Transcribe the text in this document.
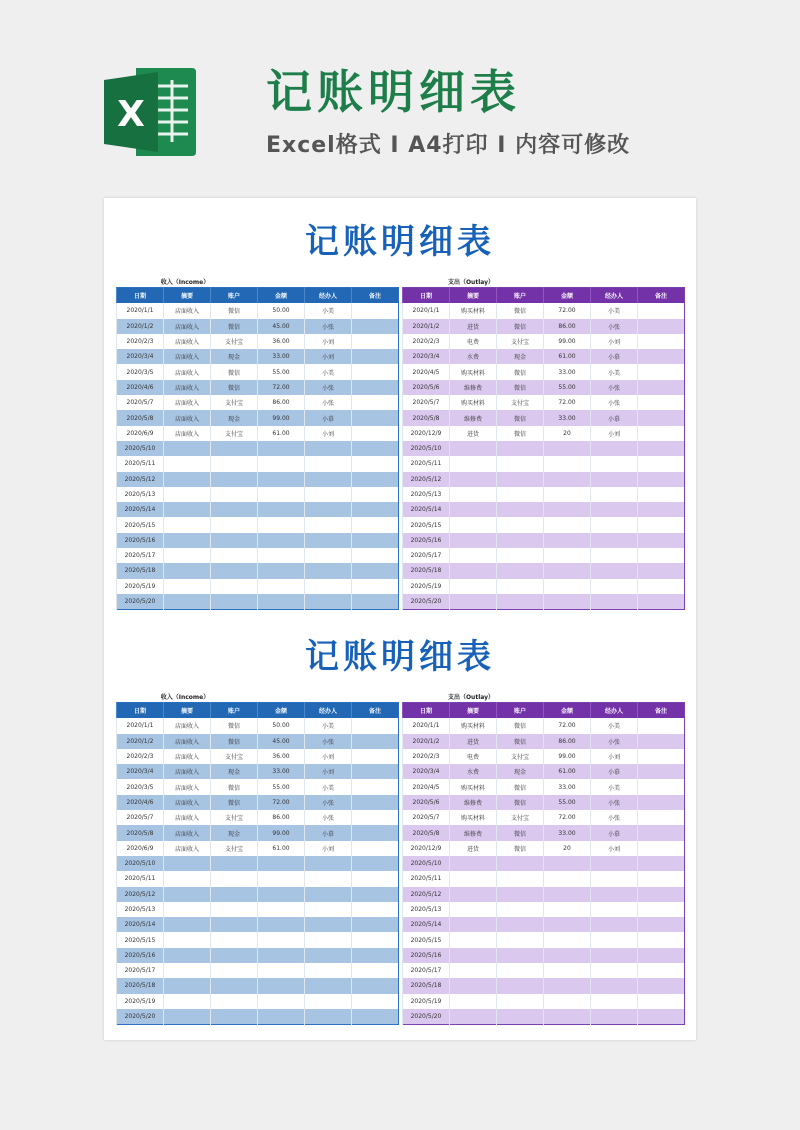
X	记账明细表
Excel格式 Ⅰ A4打印 Ⅰ 内容可修改
记账明细表
收入（Income）	支出（Outlay）
日期	摘要	账户	金额	经办人	备注
2020/1/1	店面收入	微信	50.00	小美	
2020/1/2	店面收入	微信	45.00	小张	
2020/2/3	店面收入	支付宝	36.00	小刘	
2020/3/4	店面收入	现金	33.00	小刘	
2020/3/5	店面收入	微信	55.00	小美	
2020/4/6	店面收入	微信	72.00	小张	
2020/5/7	店面收入	支付宝	86.00	小张	
2020/5/8	店面收入	现金	99.00	小慕	
2020/6/9	店面收入	支付宝	61.00	小刘	
2020/5/10					
2020/5/11					
2020/5/12					
2020/5/13					
2020/5/14					
2020/5/15					
2020/5/16					
2020/5/17					
2020/5/18					
2020/5/19					
2020/5/20					
日期	摘要	账户	金额	经办人	备注
2020/1/1	购买材料	微信	72.00	小美	
2020/1/2	进货	微信	86.00	小张	
2020/2/3	电费	支付宝	99.00	小刘	
2020/3/4	水费	现金	61.00	小慕	
2020/4/5	购买材料	微信	33.00	小美	
2020/5/6	维修费	微信	55.00	小张	
2020/5/7	购买材料	支付宝	72.00	小张	
2020/5/8	维修费	微信	33.00	小慕	
2020/12/9	进货	微信	20	小刘	
2020/5/10					
2020/5/11					
2020/5/12					
2020/5/13					
2020/5/14					
2020/5/15					
2020/5/16					
2020/5/17					
2020/5/18					
2020/5/19					
2020/5/20					
记账明细表
收入（Income）	支出（Outlay）
日期	摘要	账户	金额	经办人	备注
2020/1/1	店面收入	微信	50.00	小美	
2020/1/2	店面收入	微信	45.00	小张	
2020/2/3	店面收入	支付宝	36.00	小刘	
2020/3/4	店面收入	现金	33.00	小刘	
2020/3/5	店面收入	微信	55.00	小美	
2020/4/6	店面收入	微信	72.00	小张	
2020/5/7	店面收入	支付宝	86.00	小张	
2020/5/8	店面收入	现金	99.00	小慕	
2020/6/9	店面收入	支付宝	61.00	小刘	
2020/5/10					
2020/5/11					
2020/5/12					
2020/5/13					
2020/5/14					
2020/5/15					
2020/5/16					
2020/5/17					
2020/5/18					
2020/5/19					
2020/5/20					
日期	摘要	账户	金额	经办人	备注
2020/1/1	购买材料	微信	72.00	小美	
2020/1/2	进货	微信	86.00	小张	
2020/2/3	电费	支付宝	99.00	小刘	
2020/3/4	水费	现金	61.00	小慕	
2020/4/5	购买材料	微信	33.00	小美	
2020/5/6	维修费	微信	55.00	小张	
2020/5/7	购买材料	支付宝	72.00	小张	
2020/5/8	维修费	微信	33.00	小慕	
2020/12/9	进货	微信	20	小刘	
2020/5/10					
2020/5/11					
2020/5/12					
2020/5/13					
2020/5/14					
2020/5/15					
2020/5/16					
2020/5/17					
2020/5/18					
2020/5/19					
2020/5/20					
